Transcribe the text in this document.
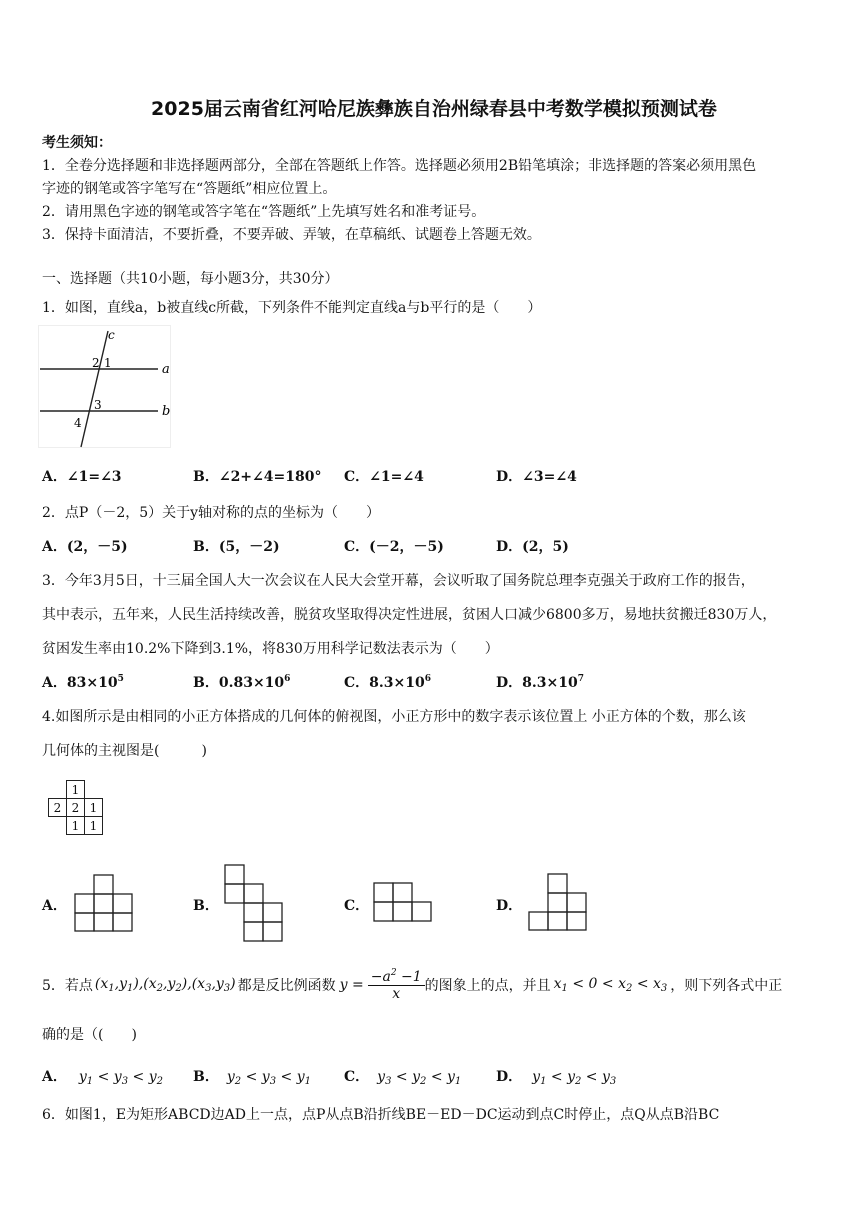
2025届云南省红河哈尼族彝族自治州绿春县中考数学模拟预测试卷
考生须知：
1．全卷分选择题和非选择题两部分，全部在答题纸上作答。选择题必须用2B铅笔填涂；非选择题的答案必须用黑色
字迹的钢笔或答字笔写在“答题纸”相应位置上。
2．请用黑色字迹的钢笔或答字笔在“答题纸”上先填写姓名和准考证号。
3．保持卡面清洁，不要折叠，不要弄破、弄皱，在草稿纸、试题卷上答题无效。
一、选择题（共10小题，每小题3分，共30分）
1．如图，直线a，b被直线c所截，下列条件不能判定直线a与b平行的是（　　）
c
a
b
2 1
3
4
A．∠1=∠3	B．∠2+∠4=180° C．∠1=∠4	D．∠3=∠4
2．点P（－2，5）关于y轴对称的点的坐标为（　　）
A．(2，－5)	B．(5，－2)	C．(－2，－5)	D．(2，5)
3．今年3月5日，十三届全国人大一次会议在人民大会堂开幕，会议听取了国务院总理李克强关于政府工作的报告，
其中表示，五年来，人民生活持续改善，脱贫攻坚取得决定性进展，贫困人口减少6800多万，易地扶贫搬迁830万人，
贫困发生率由10.2%下降到3.1%，将830万用科学记数法表示为（　　）
A．$83\times 10^5$	B．$0.83\times 10^6$	C．$8.3\times 10^6$	D．$8.3\times 10^7$
4.如图所示是由相同的小正方体搭成的几何体的俯视图，小正方形中的数字表示该位置上 小正方体的个数，那么该
几何体的主视图是(　　　)
	1	
2	2	1
	1	1
A．	B．	C．	D．
5．若点 $(x_1,y_1),(x_2,y_2),(x_3,y_3)$ 都是反比例函数 $y = \frac{-a^2 -1}{x}$ 的图象上的点，并且 $x_1 < 0 < x_2 < x_3$ ，则下列各式中正
确的是（(　　)
A． $y_1 < y_3 < y_2$ B． $y_2 < y_3 < y_1$ C． $y_3 < y_2 < y_1$ D． $y_1 < y_2 < y_3$
6．如图1，E为矩形ABCD边AD上一点，点P从点B沿折线BE－ED－DC运动到点C时停止，点Q从点B沿BC
